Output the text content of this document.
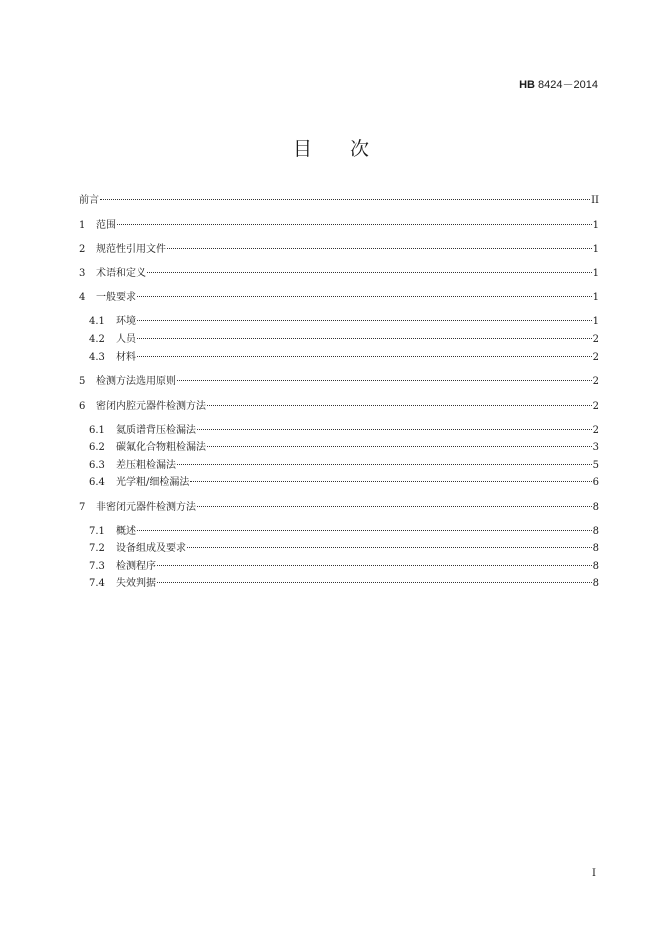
HB 8424－2014
目 次
前言	II
1	范围	1
2	规范性引用文件	1
3	术语和定义	1
4	一般要求	1
4.1	环境	1
4.2	人员	2
4.3	材料	2
5	检测方法选用原则	2
6	密闭内腔元器件检测方法	2
6.1	氦质谱背压检漏法	2
6.2	碳氟化合物粗检漏法	3
6.3	差压粗检漏法	5
6.4	光学粗/细检漏法	6
7	非密闭元器件检测方法	8
7.1	概述	8
7.2	设备组成及要求	8
7.3	检测程序	8
7.4	失效判据	8
I
